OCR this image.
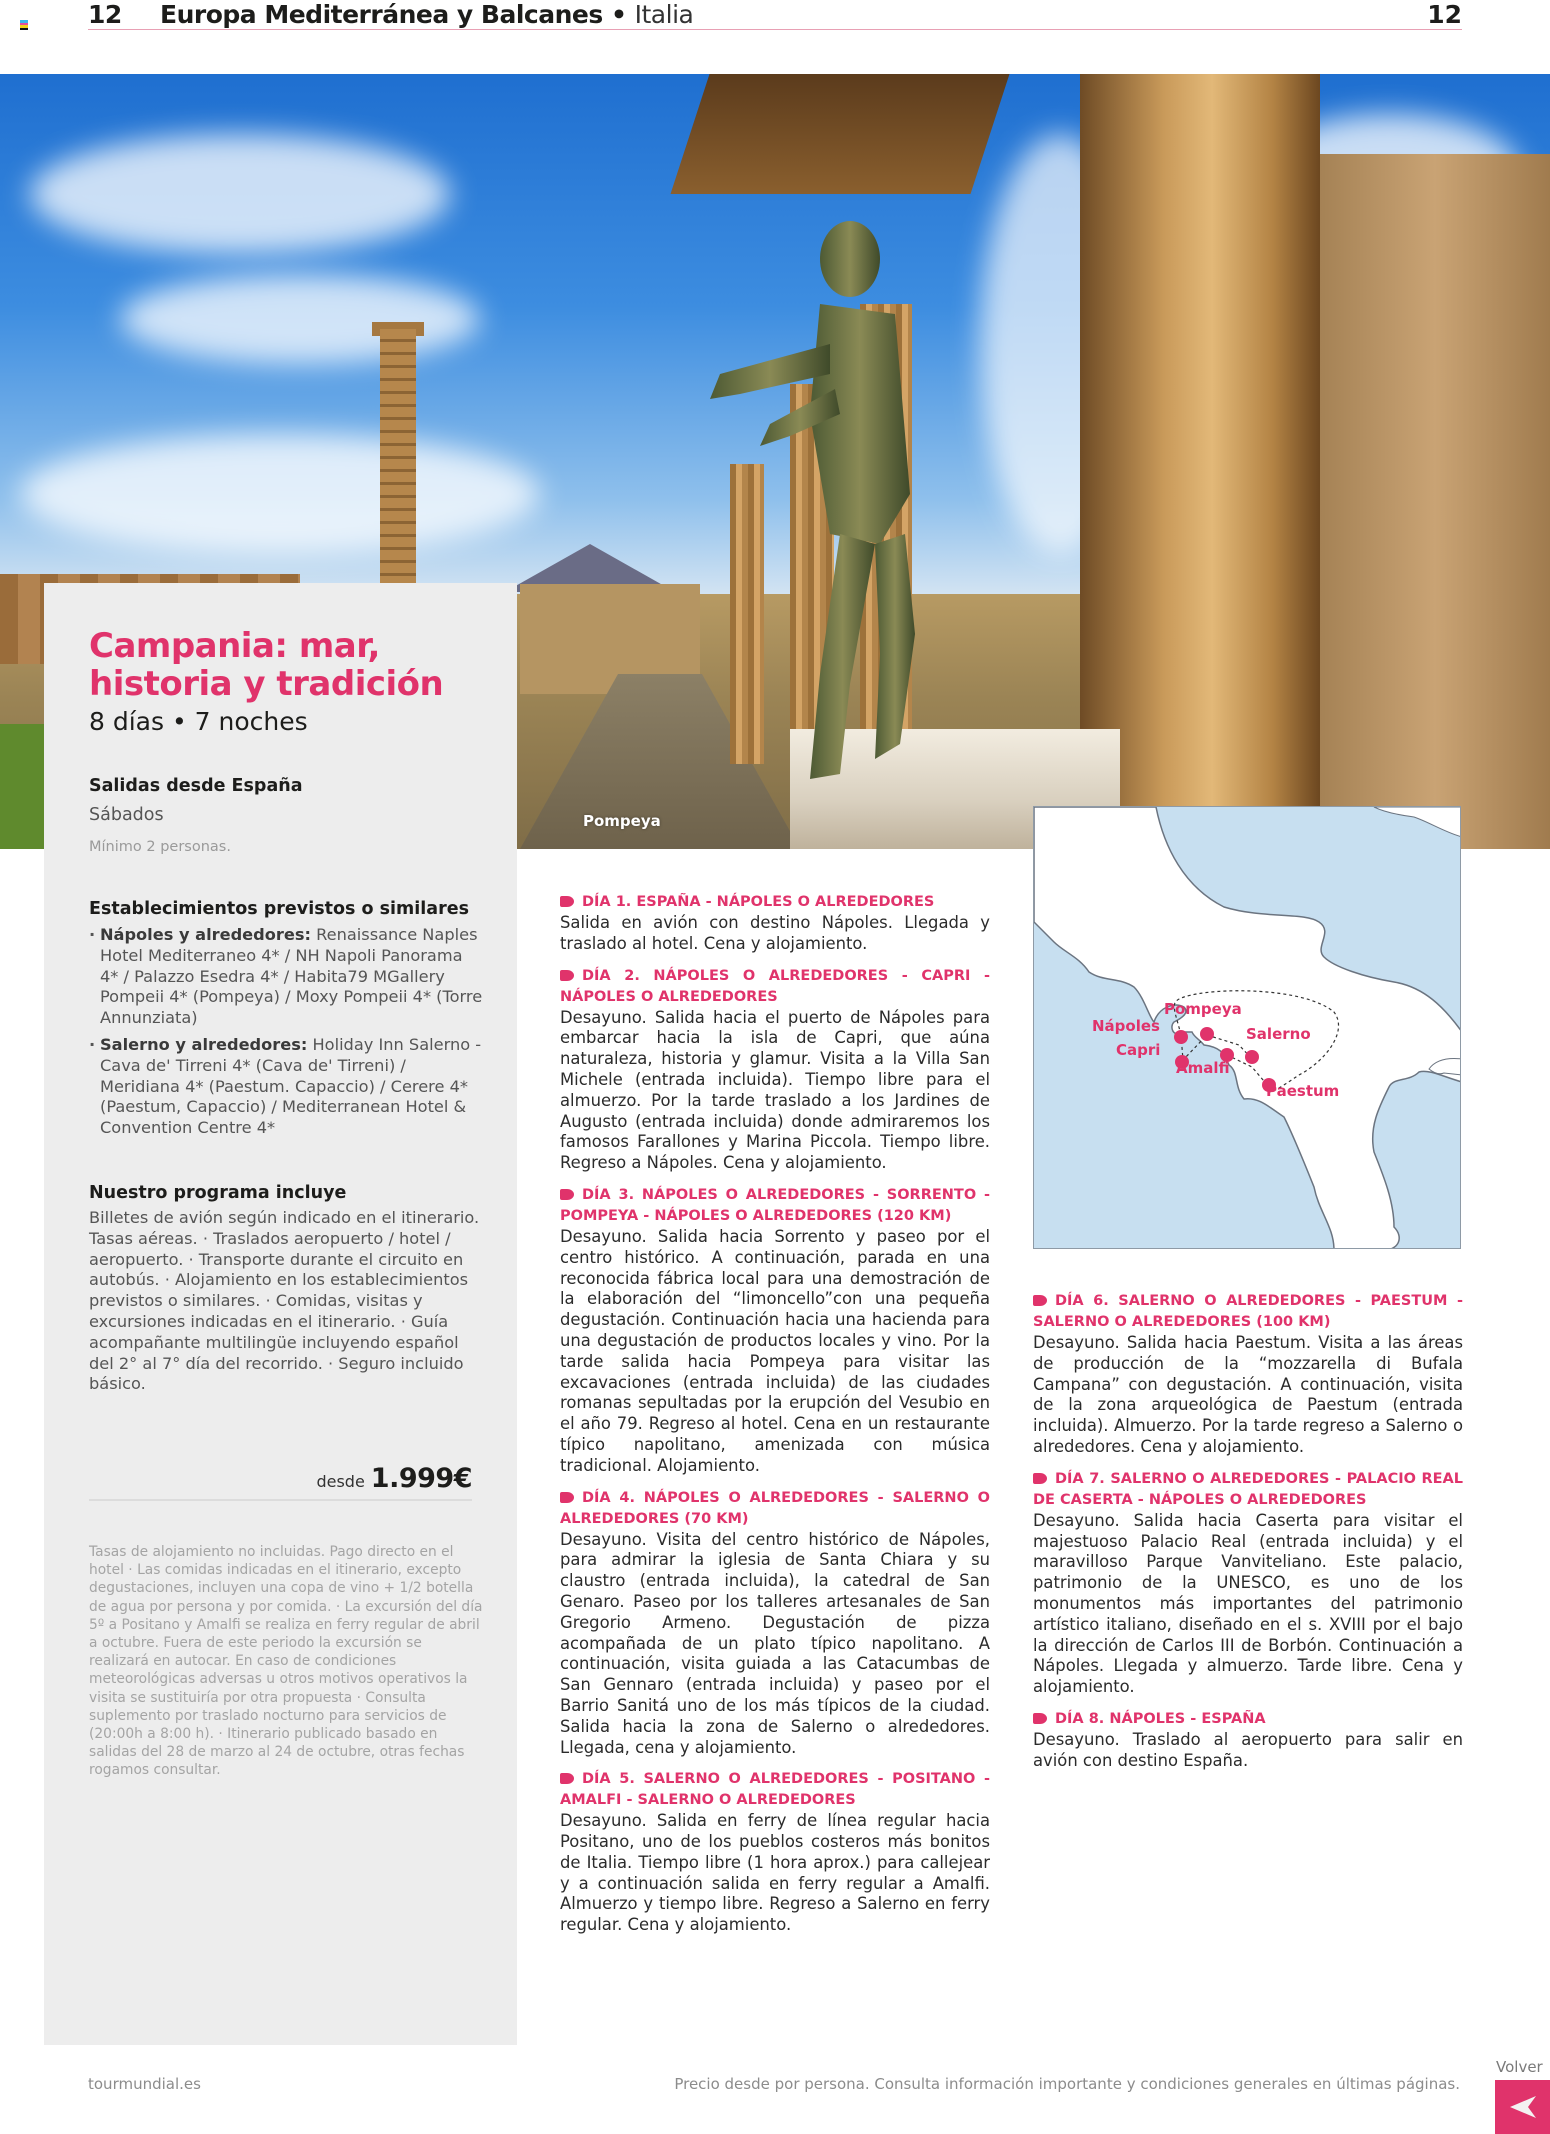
12 Europa Mediterránea y Balcanes • Italia	12
Pompeya
Campania: mar,
historia y tradición
8 días • 7 noches
Salidas desde España
Sábados
Mínimo 2 personas.
Establecimientos previstos o similares
· Nápoles y alrededores: Renaissance Naples Hotel Mediterraneo 4* / NH Napoli Panorama 4* / Palazzo Esedra 4* / Habita79 MGallery Pompeii 4* (Pompeya) / Moxy Pompeii 4* (Torre Annunziata)
· Salerno y alrededores: Holiday Inn Salerno - Cava de' Tirreni 4* (Cava de' Tirreni) / Meridiana 4* (Paestum. Capaccio) / Cerere 4* (Paestum, Capaccio) / Mediterranean Hotel & Convention Centre 4*
Nuestro programa incluye

Billetes de avión según indicado en el itinerario. Tasas aéreas. · Traslados aeropuerto / hotel / aeropuerto. · Transporte durante el circuito en autobús. · Alojamiento en los establecimientos previstos o similares. · Comidas, visitas y excursiones indicadas en el itinerario. · Guía acompañante multilingüe incluyendo español del 2° al 7° día del recorrido. · Seguro incluido básico.

desde 1.999€

Tasas de alojamiento no incluidas. Pago directo en el hotel · Las comidas indicadas en el itinerario, excepto degustaciones, incluyen una copa de vino + 1/2 botella de agua por persona y por comida. · La excursión del día 5º a Positano y Amalfi se realiza en ferry regular de abril a octubre. Fuera de este periodo la excursión se realizará en autocar. En caso de condiciones meteorológicas adversas u otros motivos operativos la visita se sustituiría por otra propuesta · Consulta suplemento por traslado nocturno para servicios de (20:00h a 8:00 h). · Itinerario publicado basado en salidas del 28 de marzo al 24 de octubre, otras fechas rogamos consultar.

DÍA 1. ESPAÑA - NÁPOLES O ALREDEDORES
Salida en avión con destino Nápoles. Llegada y traslado al hotel. Cena y alojamiento.
DÍA 2. NÁPOLES O ALREDEDORES - CAPRI - NÁPOLES O ALREDEDORES
Desayuno. Salida hacia el puerto de Nápoles para embarcar hacia la isla de Capri, que aúna naturaleza, historia y glamur. Visita a la Villa San Michele (entrada incluida). Tiempo libre para el almuerzo. Por la tarde traslado a los Jardines de Augusto (entrada incluida) donde admiraremos los famosos Farallones y Marina Piccola. Tiempo libre. Regreso a Nápoles. Cena y alojamiento.
DÍA 3. NÁPOLES O ALREDEDORES - SORRENTO - POMPEYA - NÁPOLES O ALREDEDORES (120 KM)
Desayuno. Salida hacia Sorrento y paseo por el centro histórico. A continuación, parada en una reconocida fábrica local para una demostración de la elaboración del “limoncello”con una pequeña degustación. Continuación hacia una hacienda para una degustación de productos locales y vino. Por la tarde salida hacia Pompeya para visitar las excavaciones (entrada incluida) de las ciudades romanas sepultadas por la erupción del Vesubio en el año 79. Regreso al hotel. Cena en un restaurante típico napolitano, amenizada con música tradicional. Alojamiento.
DÍA 4. NÁPOLES O ALREDEDORES - SALERNO O ALREDEDORES (70 KM)
Desayuno. Visita del centro histórico de Nápoles, para admirar la iglesia de Santa Chiara y su claustro (entrada incluida), la catedral de San Genaro. Paseo por los talleres artesanales de San Gregorio Armeno. Degustación de pizza acompañada de un plato típico napolitano. A continuación, visita guiada a las Catacumbas de San Gennaro (entrada incluida) y paseo por el Barrio Sanitá uno de los más típicos de la ciudad. Salida hacia la zona de Salerno o alrededores. Llegada, cena y alojamiento.
DÍA 5. SALERNO O ALREDEDORES - POSITANO - AMALFI - SALERNO O ALREDEDORES
Desayuno. Salida en ferry de línea regular hacia Positano, uno de los pueblos costeros más bonitos de Italia. Tiempo libre (1 hora aprox.) para callejear y a continuación salida en ferry regular a Amalfi. Almuerzo y tiempo libre. Regreso a Salerno en ferry regular. Cena y alojamiento.
Nápoles
Pompeya
Salerno
Capri
Amalfi
Paestum
DÍA 6. SALERNO O ALREDEDORES - PAESTUM - SALERNO O ALREDEDORES (100 KM)
Desayuno. Salida hacia Paestum. Visita a las áreas de producción de la “mozzarella di Bufala Campana” con degustación. A continuación, visita de la zona arqueológica de Paestum (entrada incluida). Almuerzo. Por la tarde regreso a Salerno o alrededores. Cena y alojamiento.
DÍA 7. SALERNO O ALREDEDORES - PALACIO REAL DE CASERTA - NÁPOLES O ALREDEDORES
Desayuno. Salida hacia Caserta para visitar el majestuoso Palacio Real (entrada incluida) y el maravilloso Parque Vanviteliano. Este palacio, patrimonio de la UNESCO, es uno de los monumentos más importantes del patrimonio artístico italiano, diseñado en el s. XVIII por el bajo la dirección de Carlos III de Borbón. Continuación a Nápoles. Llegada y almuerzo. Tarde libre. Cena y alojamiento.
DÍA 8. NÁPOLES - ESPAÑA
Desayuno. Traslado al aeropuerto para salir en avión con destino España.
tourmundial.es	Precio desde por persona. Consulta información importante y condiciones generales en últimas páginas.
Volver
